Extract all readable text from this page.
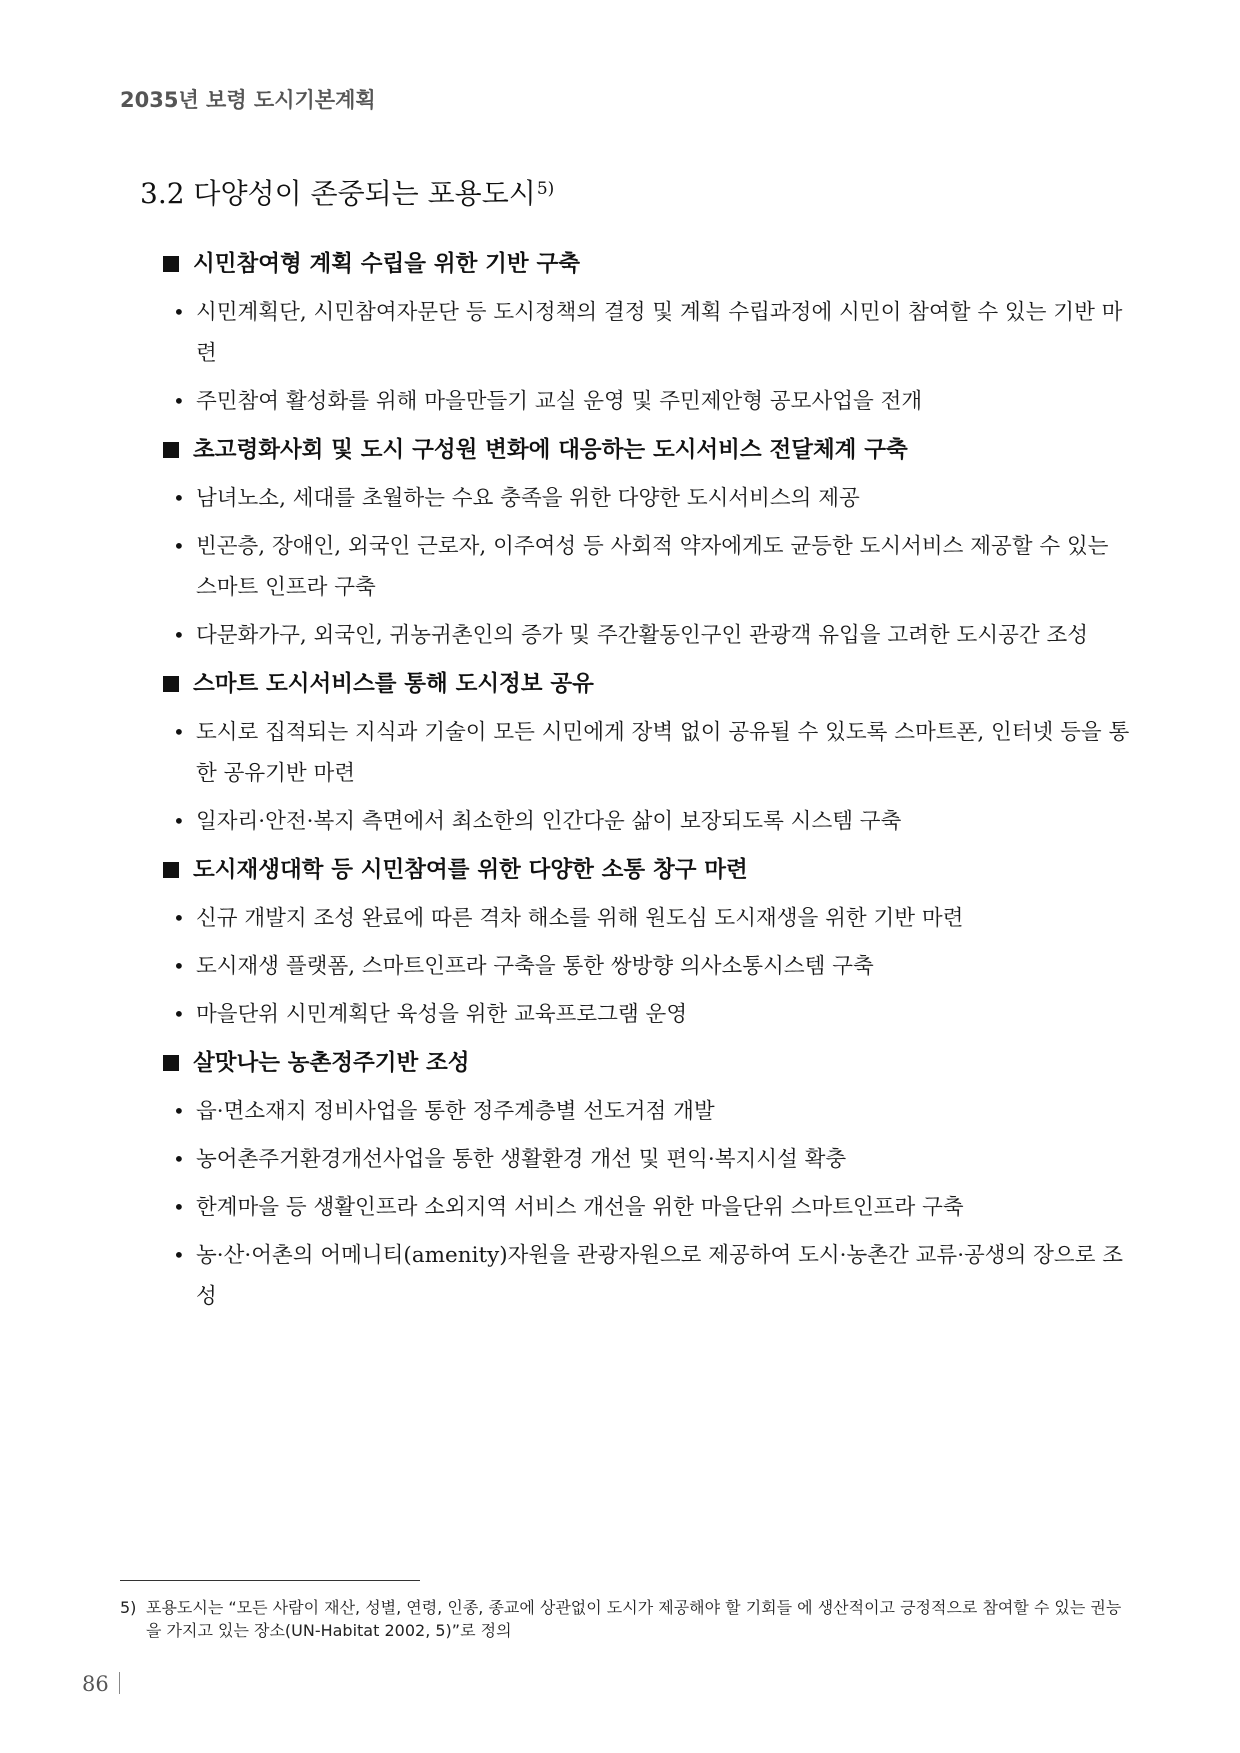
2035년 보령 도시기본계획
3.2 다양성이 존중되는 포용도시$^{5)}$
시민참여형 계획 수립을 위한 기반 구축
• 시민계획단, 시민참여자문단 등 도시정책의 결정 및 계획 수립과정에 시민이 참여할 수 있는 기반 마련
• 주민참여 활성화를 위해 마을만들기 교실 운영 및 주민제안형 공모사업을 전개
초고령화사회 및 도시 구성원 변화에 대응하는 도시서비스 전달체계 구축
• 남녀노소, 세대를 초월하는 수요 충족을 위한 다양한 도시서비스의 제공
• 빈곤층, 장애인, 외국인 근로자, 이주여성 등 사회적 약자에게도 균등한 도시서비스 제공할 수 있는 스마트 인프라 구축
• 다문화가구, 외국인, 귀농귀촌인의 증가 및 주간활동인구인 관광객 유입을 고려한 도시공간 조성
스마트 도시서비스를 통해 도시정보 공유
• 도시로 집적되는 지식과 기술이 모든 시민에게 장벽 없이 공유될 수 있도록 스마트폰, 인터넷 등을 통한 공유기반 마련
• 일자리·안전·복지 측면에서 최소한의 인간다운 삶이 보장되도록 시스템 구축
도시재생대학 등 시민참여를 위한 다양한 소통 창구 마련
• 신규 개발지 조성 완료에 따른 격차 해소를 위해 원도심 도시재생을 위한 기반 마련
• 도시재생 플랫폼, 스마트인프라 구축을 통한 쌍방향 의사소통시스템 구축
• 마을단위 시민계획단 육성을 위한 교육프로그램 운영
살맛나는 농촌정주기반 조성
• 읍·면소재지 정비사업을 통한 정주계층별 선도거점 개발
• 농어촌주거환경개선사업을 통한 생활환경 개선 및 편익·복지시설 확충
• 한계마을 등 생활인프라 소외지역 서비스 개선을 위한 마을단위 스마트인프라 구축
• 농·산·어촌의 어메니티(amenity)자원을 관광자원으로 제공하여 도시·농촌간 교류·공생의 장으로 조성
5) 포용도시는 “모든 사람이 재산, 성별, 연령, 인종, 종교에 상관없이 도시가 제공해야 할 기회들 에 생산적이고 긍정적으로 참여할 수 있는 권능을 가지고 있는 장소(UN-Habitat 2002, 5)”로 정의
86
